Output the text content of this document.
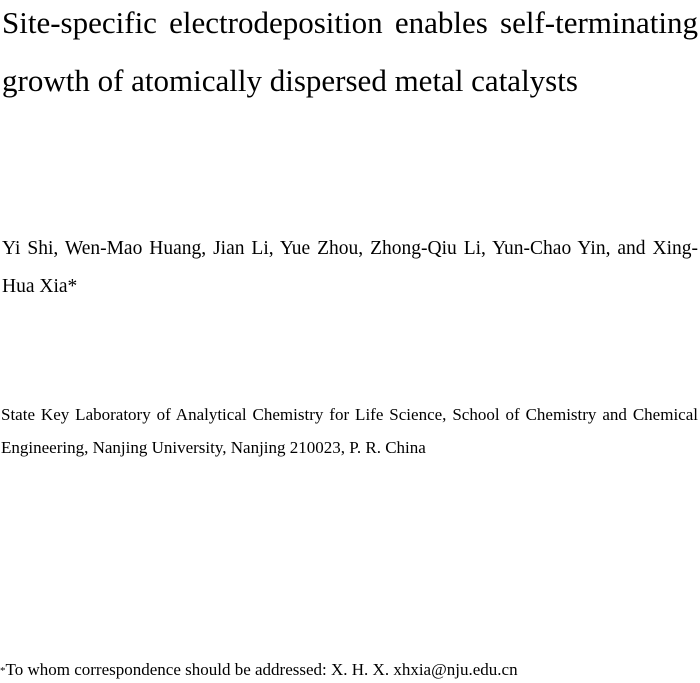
Site-specific electrodeposition enables self-terminating growth of atomically dispersed metal catalysts

Yi Shi, Wen-Mao Huang, Jian Li, Yue Zhou, Zhong-Qiu Li, Yun-Chao Yin, and Xing-Hua Xia*

State Key Laboratory of Analytical Chemistry for Life Science, School of Chemistry and Chemical Engineering, Nanjing University, Nanjing 210023, P. R. China

*To whom correspondence should be addressed: X. H. X. xhxia@nju.edu.cn
